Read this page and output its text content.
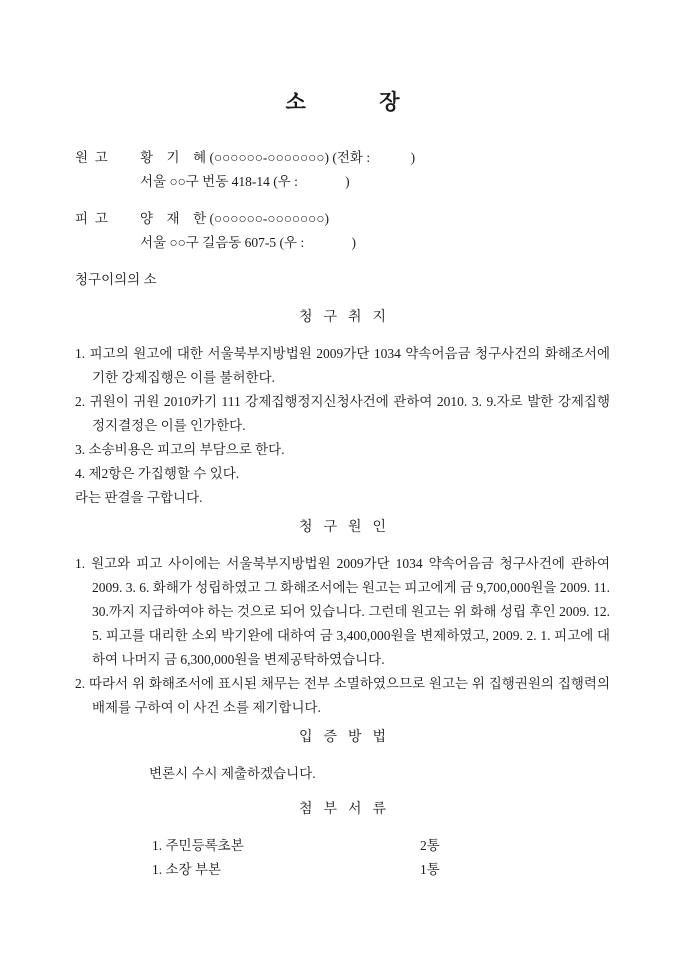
소              장
원  고	황    기    혜 (○○○○○○-○○○○○○○) (전화 :            )
서울 ○○구 번동 418-14 (우 :              )
피  고	양    재    한 (○○○○○○-○○○○○○○)
서울 ○○구 길음동 607-5 (우 :              )
청구이의의 소
청  구  취  지

1. 피고의 원고에 대한 서울북부지방법원 2009가단 1034 약속어음금 청구사건의 화해조서에 기한 강제집행은 이를 불허한다.

2. 귀원이 귀원 2010카기 111 강제집행정지신청사건에 관하여 2010. 3. 9.자로 발한 강제집행정지결정은 이를 인가한다.

3. 소송비용은 피고의 부담으로 한다.

4. 제2항은 가집행할 수 있다.

라는 판결을 구합니다.

청  구  원  인

1. 원고와 피고 사이에는 서울북부지방법원 2009가단 1034 약속어음금 청구사건에 관하여 2009. 3. 6. 화해가 성립하였고 그 화해조서에는 원고는 피고에게 금 9,700,000원을 2009. 11. 30.까지 지급하여야 하는 것으로 되어 있습니다. 그런데 원고는 위 화해 성립 후인 2009. 12. 5. 피고를 대리한 소외 박기완에 대하여 금 3,400,000원을 변제하였고, 2009. 2. 1. 피고에 대하여 나머지 금 6,300,000원을 변제공탁하였습니다.

2. 따라서 위 화해조서에 표시된 채무는 전부 소멸하였으므로 원고는 위 집행권원의 집행력의 배제를 구하여 이 사건 소를 제기합니다.

입  증  방  법

변론시 수시 제출하겠습니다.

첨  부  서  류
1. 주민등록초본	2통
1. 소장 부본	1통
